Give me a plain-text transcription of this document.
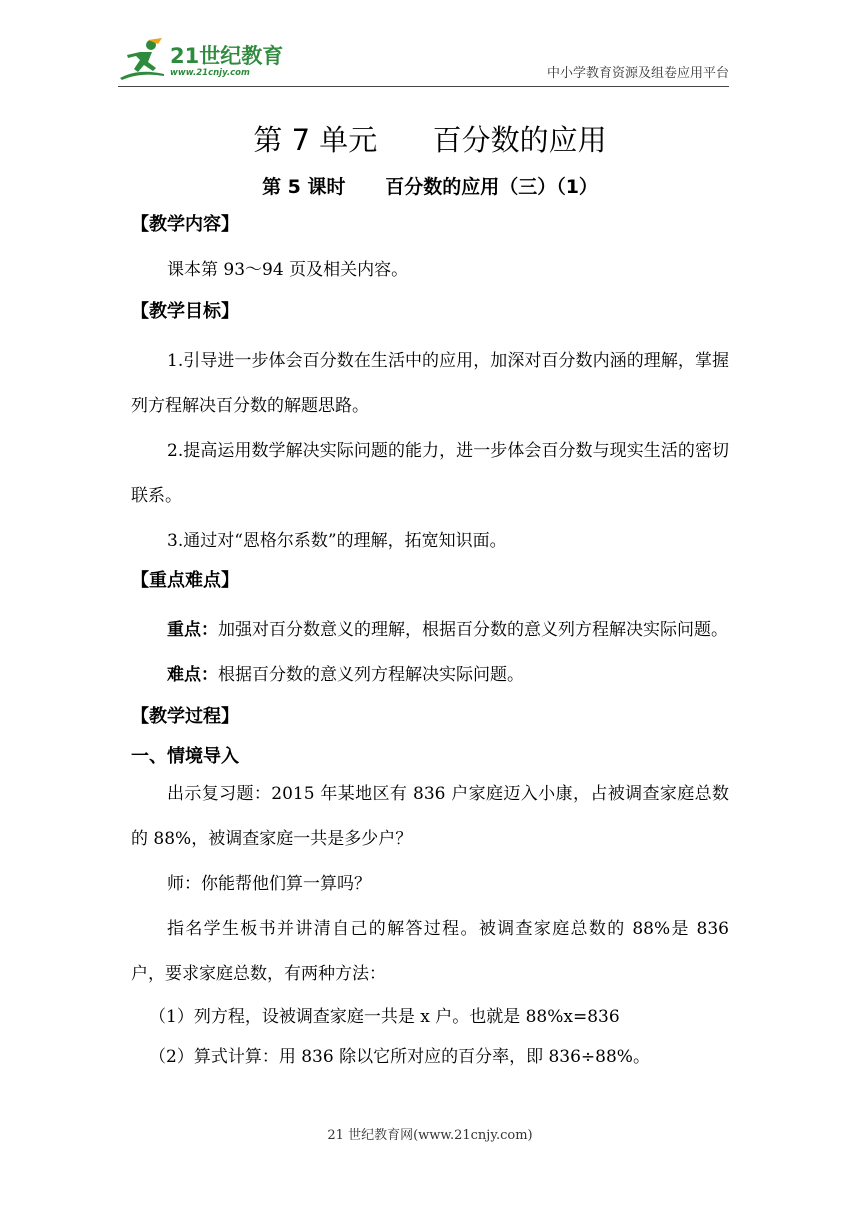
21世纪教育
www.21cnjy.com	中小学教育资源及组卷应用平台
第 7 单元      百分数的应用
第 5 课时      百分数的应用（三）（1）
【教学内容】

课本第 93～94 页及相关内容。

【教学目标】

1.引导进一步体会百分数在生活中的应用，加深对百分数内涵的理解，掌握列方程解决百分数的解题思路。

2.提高运用数学解决实际问题的能力，进一步体会百分数与现实生活的密切联系。

3.通过对“恩格尔系数”的理解，拓宽知识面。

【重点难点】

重点：加强对百分数意义的理解，根据百分数的意义列方程解决实际问题。

难点：根据百分数的意义列方程解决实际问题。

【教学过程】
一、情境导入

出示复习题：2015 年某地区有 836 户家庭迈入小康，占被调查家庭总数的 88%，被调查家庭一共是多少户？

师：你能帮他们算一算吗？

指名学生板书并讲清自己的解答过程。被调查家庭总数的 88%是 836 户，要求家庭总数，有两种方法：

（1）列方程，设被调查家庭一共是 x 户。也就是 88%x=836

（2）算式计算：用 836 除以它所对应的百分率，即 836÷88%。

21 世纪教育网(www.21cnjy.com)
